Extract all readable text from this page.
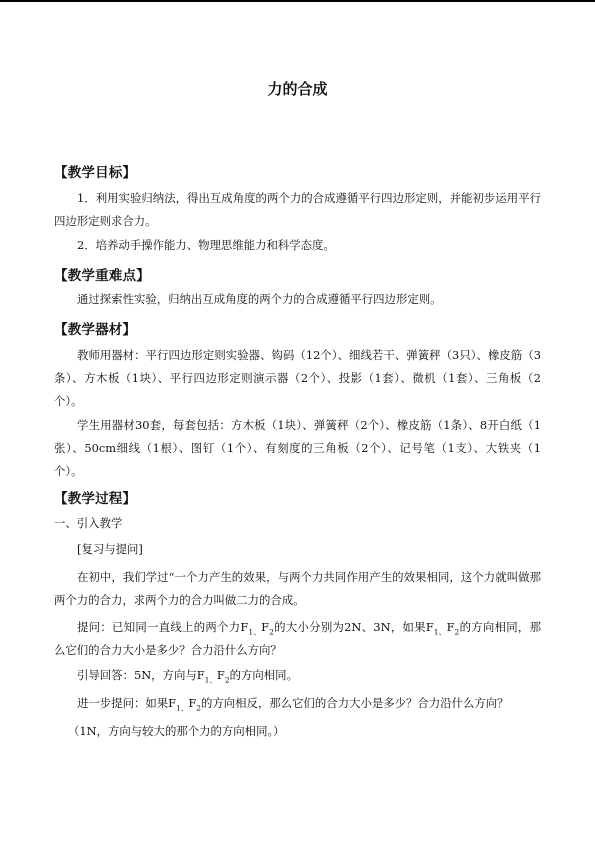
力的合成
【教学目标】

1．利用实验归纳法，得出互成角度的两个力的合成遵循平行四边形定则，并能初步运用平行四边形定则求合力。

2．培养动手操作能力、物理思维能力和科学态度。

【教学重难点】

通过探索性实验，归纳出互成角度的两个力的合成遵循平行四边形定则。

【教学器材】

教师用器材：平行四边形定则实验器、钩码（12个）、细线若干、弹簧秤（3只）、橡皮筋（3条）、方木板（1块）、平行四边形定则演示器（2个）、投影（1套）、微机（1套）、三角板（2个）。

学生用器材30套，每套包括：方木板（1块）、弹簧秤（2个）、橡皮筋（1条）、8开白纸（1张）、50cm细线（1根）、图钉（1个）、有刻度的三角板（2个）、记号笔（1支）、大铁夹（1个）。

【教学过程】

一、引入教学

[复习与提问]

在初中，我们学过“一个力产生的效果，与两个力共同作用产生的效果相同，这个力就叫做那两个力的合力，求两个力的合力叫做二力的合成。

提问：已知同一直线上的两个力$F_{1、}F_2$的大小分别为2N、3N，如果$F_{1、}F_2$的方向相同，那么它们的合力大小是多少？合力沿什么方向？

引导回答：5N，方向与$F_{1、}F_2$的方向相同。

进一步提问：如果$F_{1、}F_2$的方向相反，那么它们的合力大小是多少？合力沿什么方向？

（1N，方向与较大的那个力的方向相同。）
